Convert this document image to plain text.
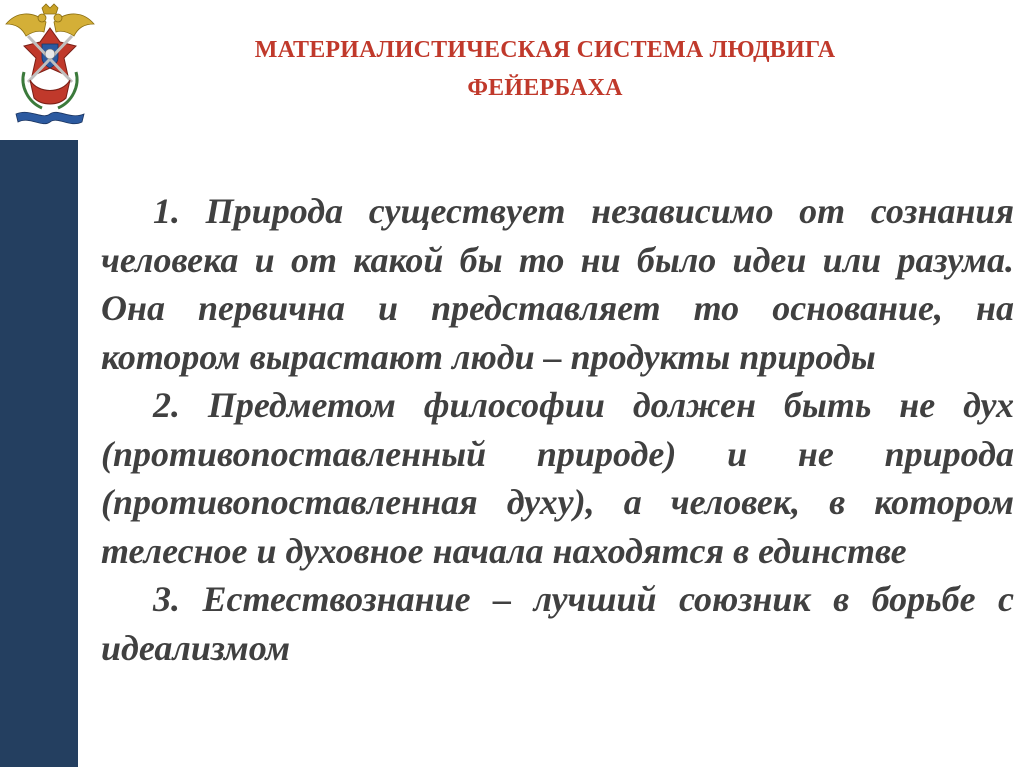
МАТЕРИАЛИСТИЧЕСКАЯ СИСТЕМА ЛЮДВИГА
ФЕЙЕРБАХА

1. Природа существует независимо от сознания человека и от какой бы то ни было идеи или разума. Она первична и представляет то основание, на котором вырастают люди – продукты природы

2. Предметом философии должен быть не дух (противопоставленный природе) и не природа (противопоставленная духу), а человек, в котором телесное и духовное начала находятся в единстве

3. Естествознание – лучший союзник в борьбе с идеализмом
